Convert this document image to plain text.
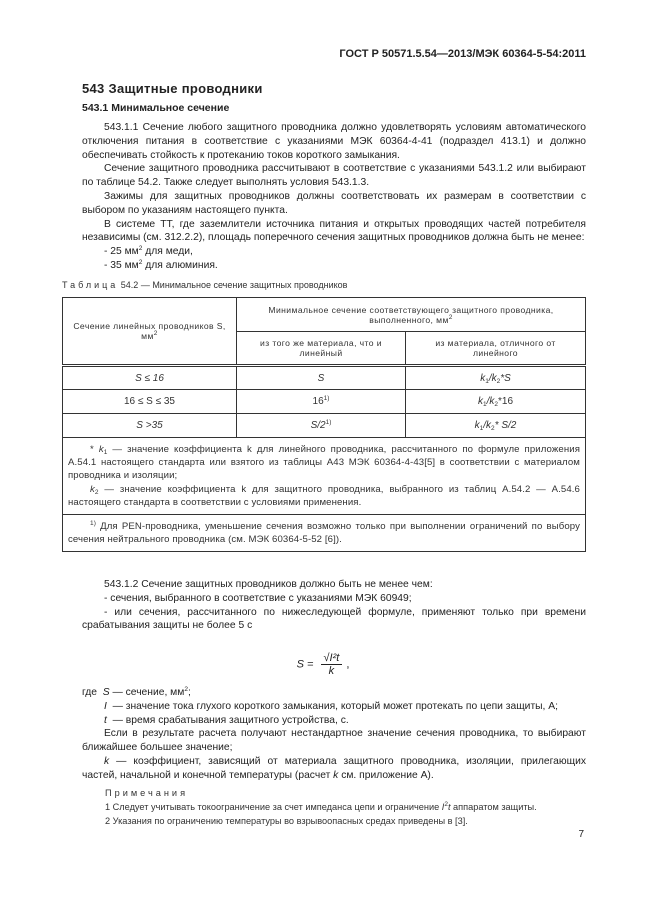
ГОСТ Р 50571.5.54—2013/МЭК 60364-5-54:2011
543 Защитные проводники
543.1 Минимальное сечение

543.1.1 Сечение любого защитного проводника должно удовлетворять условиям автоматического отключения питания в соответствие с указаниями МЭК 60364-4-41 (подраздел 413.1) и должно обеспечивать стойкость к протеканию токов короткого замыкания.

Сечение защитного проводника рассчитывают в соответствие с указаниями 543.1.2 или выбирают по таблице 54.2. Также следует выполнять условия 543.1.3.

Зажимы для защитных проводников должны соответствовать их размерам в соответствии с выбором по указаниям настоящего пункта.

В системе ТТ, где заземлители источника питания и открытых проводящих частей потребителя независимы (см. 312.2.2), площадь поперечного сечения защитных проводников должна быть не менее:

- 25 $мм^2$ для меди,
- 35 $мм^2$ для алюминия.
Таблица 54.2 — Минимальное сечение защитных проводников
Сечение линейных проводников S, $мм^2$	Минимальное сечение соответствующего защитного проводника, выполненного, $мм^2$
	из того же материала, что и линейный	из материала, отличного от линейного
S ≤ 16	S	$k_1/k_2*S$
16 ≤ S ≤ 35	16$^{1)}$	$k_1/k_2*16$
S >35	S/2$^{1)}$	$k_1/k_2*$ S/2

* $k_1$ — значение коэффициента k для линейного проводника, рассчитанного по формуле приложения А.54.1 настоящего стандарта или взятого из таблицы А43 МЭК 60364-4-43[5] в соответствии с материалом проводника и изоляции;

$k_2$ — значение коэффициента k для защитного проводника, выбранного из таблиц А.54.2 — А.54.6 настоящего стандарта в соответствии с условиями применения.		

$^{1)}$ Для PEN-проводника, уменьшение сечения возможно только при выполнении ограничений по выбору сечения нейтрального проводника (см. МЭК 60364-5-52 [6]).		

543.1.2 Сечение защитных проводников должно быть не менее чем:

- сечения, выбранного в соответствие с указаниями МЭК 60949;

- или сечения, рассчитанного по нижеследующей формуле, применяют только при времени срабатывания защиты не более 5 с

$S = \frac{\text{√I²t}}{k}$ ,
где S — сечение, $мм^2$;
I  — значение тока глухого короткого замыкания, который может протекать по цепи защиты, А;
t  — время срабатывания защитного устройства, с.

Если в результате расчета получают нестандартное значение сечения проводника, то выбирают ближайшее большее значение;

k — коэффициент, зависящий от материала защитного проводника, изоляции, прилегающих частей, начальной и конечной температуры (расчет k см. приложение А).

Примечания
1 Следует учитывать токоограничение за счет импеданса цепи и ограничение $I^2t$ аппаратом защиты.
2 Указания по ограничению температуры во взрывоопасных средах приведены в [3].
7
